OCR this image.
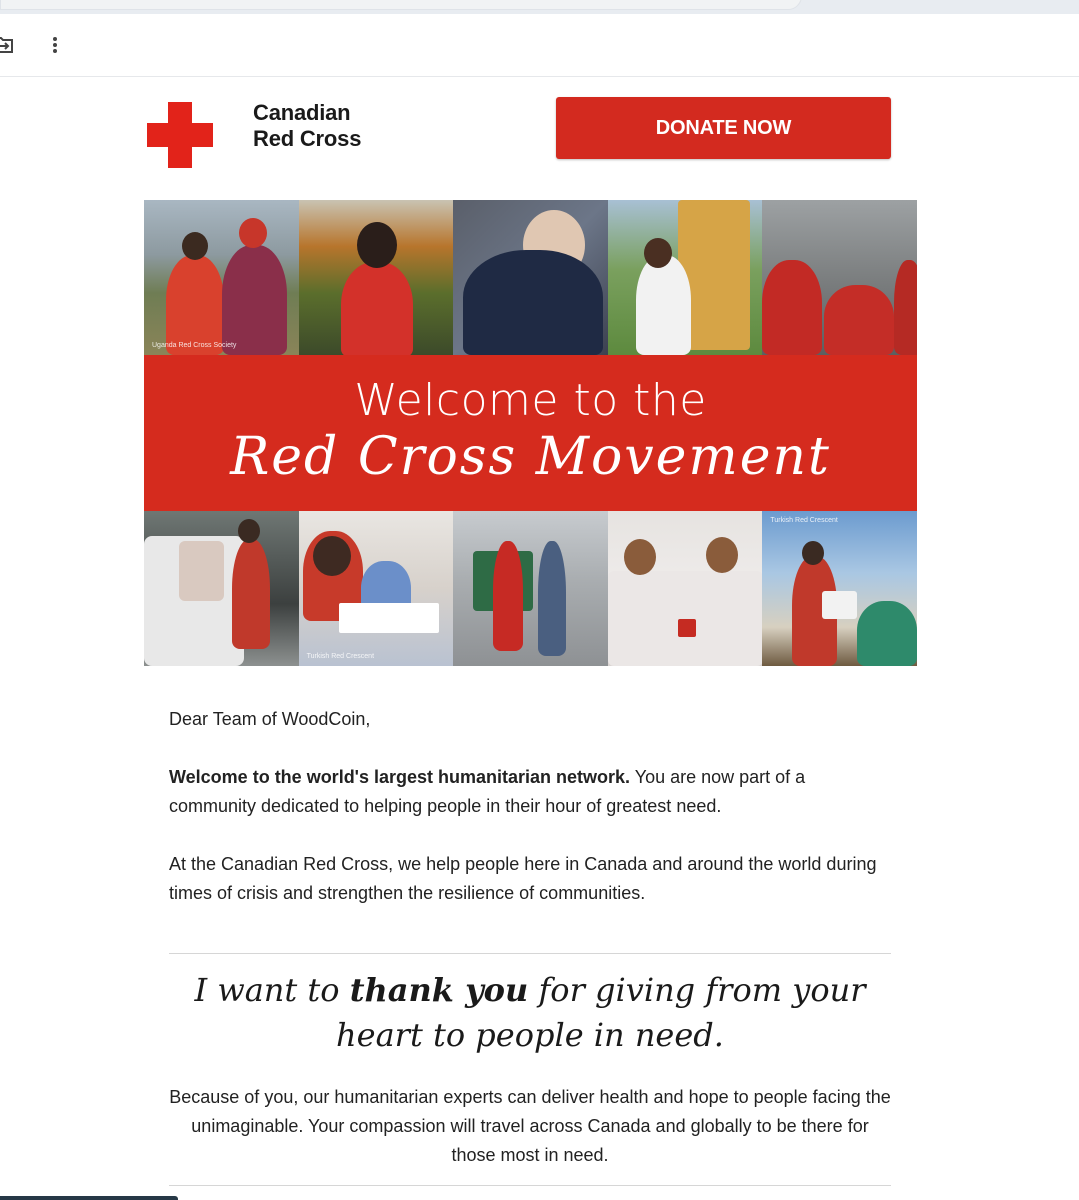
Canadian
Red Cross	DONATE NOW
Uganda Red Cross Society
Welcome to the
Red Cross Movement
Turkish Red Crescent
Turkish Red Crescent
Dear Team of WoodCoin,
Welcome to the world's largest humanitarian network. You are now part of a community dedicated to helping people in their hour of greatest need.
At the Canadian Red Cross, we help people here in Canada and around the world during times of crisis and strengthen the resilience of communities.
I want to thank you for giving from your heart to people in need.
Because of you, our humanitarian experts can deliver health and hope to people facing the unimaginable. Your compassion will travel across Canada and globally to be there for those most in need.
